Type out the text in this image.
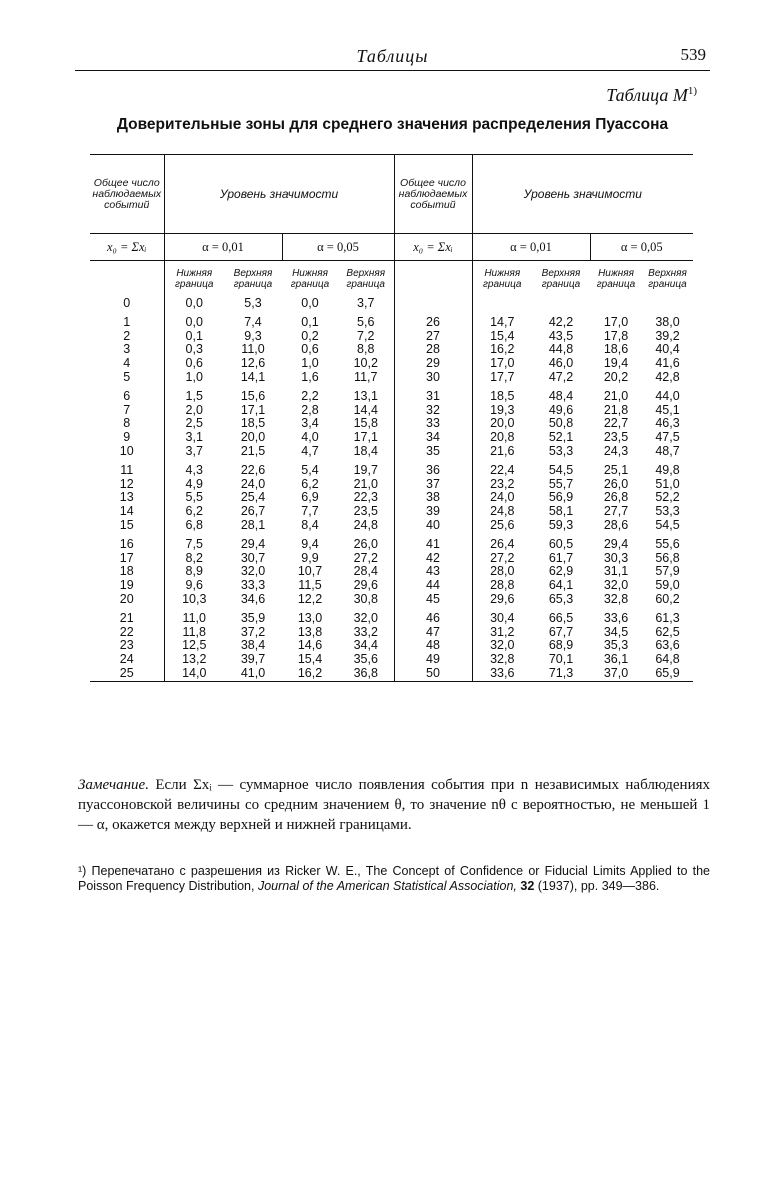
Таблицы	539
Таблица $M^{1)}$
Доверительные зоны для среднего значения распределения Пуассона
Общее число наблюдаемых событий	Уровень значимости				Общее число наблюдаемых событий	Уровень значимости			
x₀ = Σxᵢ	α = 0,01		α = 0,05		x₀ = Σxᵢ	α = 0,01		α = 0,05	
	Нижняя граница	Верхняя граница	Нижняя граница	Верхняя граница		Нижняя граница	Верхняя граница	Нижняя граница	Верхняя граница
0	0,0	5,3	0,0	3,7					
1	0,0	7,4	0,1	5,6	26	14,7	42,2	17,0	38,0
2	0,1	9,3	0,2	7,2	27	15,4	43,5	17,8	39,2
3	0,3	11,0	0,6	8,8	28	16,2	44,8	18,6	40,4
4	0,6	12,6	1,0	10,2	29	17,0	46,0	19,4	41,6
5	1,0	14,1	1,6	11,7	30	17,7	47,2	20,2	42,8
6	1,5	15,6	2,2	13,1	31	18,5	48,4	21,0	44,0
7	2,0	17,1	2,8	14,4	32	19,3	49,6	21,8	45,1
8	2,5	18,5	3,4	15,8	33	20,0	50,8	22,7	46,3
9	3,1	20,0	4,0	17,1	34	20,8	52,1	23,5	47,5
10	3,7	21,5	4,7	18,4	35	21,6	53,3	24,3	48,7
11	4,3	22,6	5,4	19,7	36	22,4	54,5	25,1	49,8
12	4,9	24,0	6,2	21,0	37	23,2	55,7	26,0	51,0
13	5,5	25,4	6,9	22,3	38	24,0	56,9	26,8	52,2
14	6,2	26,7	7,7	23,5	39	24,8	58,1	27,7	53,3
15	6,8	28,1	8,4	24,8	40	25,6	59,3	28,6	54,5
16	7,5	29,4	9,4	26,0	41	26,4	60,5	29,4	55,6
17	8,2	30,7	9,9	27,2	42	27,2	61,7	30,3	56,8
18	8,9	32,0	10,7	28,4	43	28,0	62,9	31,1	57,9
19	9,6	33,3	11,5	29,6	44	28,8	64,1	32,0	59,0
20	10,3	34,6	12,2	30,8	45	29,6	65,3	32,8	60,2
21	11,0	35,9	13,0	32,0	46	30,4	66,5	33,6	61,3
22	11,8	37,2	13,8	33,2	47	31,2	67,7	34,5	62,5
23	12,5	38,4	14,6	34,4	48	32,0	68,9	35,3	63,6
24	13,2	39,7	15,4	35,6	49	32,8	70,1	36,1	64,8
25	14,0	41,0	16,2	36,8	50	33,6	71,3	37,0	65,9

Замечание. Если Σxᵢ — суммарное число появления события при n независимых наблюдениях пуассоновской величины со средним значением θ, то значение nθ с вероятностью, не меньшей 1 — α, окажется между верхней и нижней границами.
¹) Перепечатано с разрешения из Ricker W. E., The Concept of Confidence or Fiducial Limits Applied to the Poisson Frequency Distribution, Journal of the American Statistical Association, 32 (1937), pp. 349—386.
